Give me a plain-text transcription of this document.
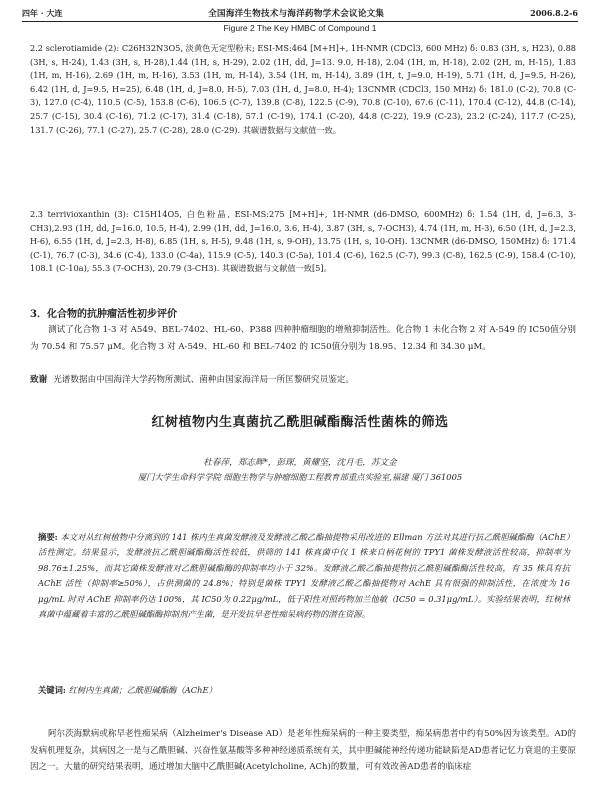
四年 · 大连	全国海洋生物技术与海洋药物学术会议论文集	2006.8.2-6
Figure 2 The Key HMBC of Compound 1
2.2 sclerotiamide (2): C26H32N3O5, 淡黄色无定型粉末; ESI-MS:464 [M+H]+, 1H-NMR (CDCl3, 600 MHz) δ: 0.83 (3H, s, H23), 0.88 (3H, s, H-24), 1.43 (3H, s, H-28),1.44 (1H, s, H-29), 2.02 (1H, dd, J=13. 9.0, H-18), 2.04 (1H, m, H-18), 2.02 (2H, m, H-15), 1.83 (1H, m, H-16), 2.69 (1H, m, H-16), 3.53 (1H, m, H-14), 3.54 (1H, m, H-14), 3.89 (1H, t, J=9.0, H-19), 5.71 (1H, d, J=9.5, H-26), 6.42 (1H, d, J=9.5, H=25), 6.48 (1H, d, J=8.0, H-5), 7.03 (1H, d, J=8.0, H-4); 13CNMR (CDCl3, 150 MHz) δ: 181.0 (C-2), 70.8 (C-3), 127.0 (C-4), 110.5 (C-5), 153.8 (C-6), 106.5 (C-7), 139.8 (C-8), 122.5 (C-9), 70.8 (C-10), 67.6 (C-11), 170.4 (C-12), 44.8 (C-14), 25.7 (C-15), 30.4 (C-16), 71.2 (C-17), 31.4 (C-18), 57.1 (C-19), 174.1 (C-20), 44.8 (C-22), 19.9 (C-23), 23.2 (C-24), 117.7 (C-25), 131.7 (C-26), 77.1 (C-27), 25.7 (C-28), 28.0 (C-29). 其碳谱数据与文献值一致。
2.3 terrivioxanthin (3): C15H14O5, 白色粉晶, ESI-MS:275 [M+H]+, 1H-NMR (d6-DMSO, 600MHz) δ: 1.54 (1H, d, J=6.3, 3-CH3),2.93 (1H, dd, J=16.0, 10.5, H-4), 2.99 (1H, dd, J=16.0, 3.6, H-4), 3.87 (3H, s, 7-OCH3), 4.74 (1H, m, H-3), 6.50 (1H, d, J=2.3, H-6), 6.55 (1H, d, J=2.3, H-8), 6.85 (1H, s, H-5), 9.48 (1H, s, 9-OH), 13.75 (1H, s, 10-OH). 13CNMR (d6-DMSO, 150MHz) δ: 171.4 (C-1), 76.7 (C-3), 34.6 (C-4), 133.0 (C-4a), 115.9 (C-5), 140.3 (C-5a), 101.4 (C-6), 162.5 (C-7), 99.3 (C-8), 162.5 (C-9), 158.4 (C-10), 108.1 (C-10a), 55.3 (7-OCH3), 20.79 (3-CH3). 其碳谱数据与文献值一致[5]。
3．化合物的抗肿瘤活性初步评价
测试了化合物 1-3 对 A549、BEL-7402、HL-60、P388 四种肿瘤细胞的增殖抑制活性。化合物 1 未化合物 2 对 A-549 的 IC50值分别为 70.54 和 75.57 μM。化合物 3 对 A-549、HL-60 和 BEL-7402 的 IC50值分别为 18.95、12.34 和 34.30 μM。
致谢 光谱数据由中国海洋大学药物所测试、菌种由国家海洋局一所匡黎研究员鉴定。
红树植物内生真菌抗乙酰胆碱酯酶活性菌株的筛选
杜春萍，郑志辉*，彭琛，黄耀坚，沈月毛，苏文金
厦门大学生命科学学院 细胞生物学与肿瘤细胞工程教育部重点实验室,福建 厦门 361005
摘要: 本文对从红树植物中分离到的 141 株内生真菌发酵液及发酵液乙酸乙酯抽提物采用改进的 Ellman 方法对其进行抗乙酰胆碱酯酶（AChE）活性测定。结果显示，发酵液抗乙酰胆碱酯酶活性较低，供筛的 141 株真菌中仅 1 株来自柄花树的 TPY1 菌株发酵液活性较高，抑制率为 98.76±1.25%，而其它菌株发酵液对乙酰胆碱酯酶的抑制率均小于 32%。发酵液乙酸乙酯抽提物抗乙酰胆碱酯酶活性较高，有 35 株具有抗 AChE 活性（抑制率≥50%），占供测菌的 24.8%；特别是菌株 TPY1 发酵液乙酸乙酯抽提物对 AchE 具有很强的抑制活性，在浓度为 16 μg/mL 时对 AChE 抑制率仍达 100%，其 IC50为 0.22μg/mL，低于阳性对照药物加兰他敏（IC50 = 0.31μg/mL）。实验结果表明，红树林真菌中蕴藏着丰富的乙酰胆碱酯酶抑制剂产生菌，是开发抗早老性痴呆病药物的潜在资源。
关键词: 红树内生真菌；乙酰胆碱酯酶（AChE）
阿尔茨海默病或称早老性痴呆病（Alzheimer's Disease AD）是老年性痴呆病的一种主要类型，痴呆病患者中约有50%因为该类型。AD的发病机理复杂，其病因之一是与乙酰胆碱、兴奋性氨基酸等多种神经递质系统有关，其中胆碱能神经传递功能缺陷是AD患者记忆力衰退的主要原因之一。大量的研究结果表明，通过增加大脑中乙酰胆碱(Acetylcholine, ACh)的数量，可有效改善AD患者的临床症
